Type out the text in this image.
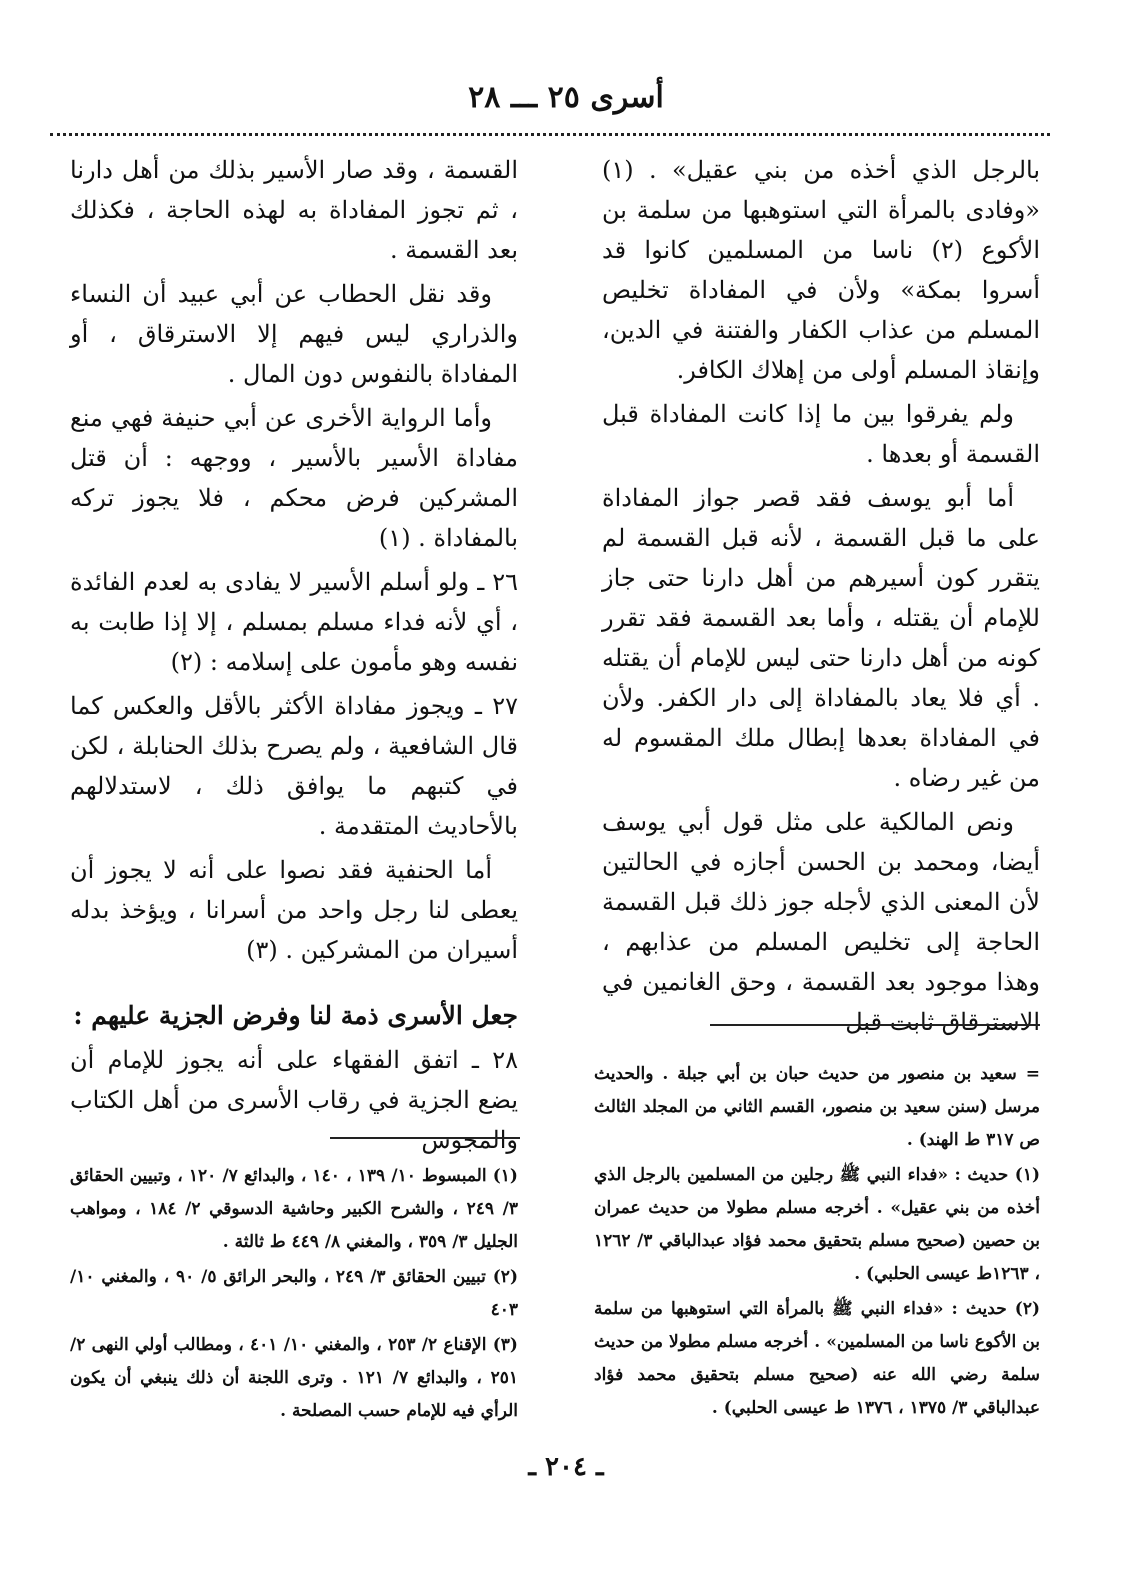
أسرى ٢٥ ـــ ٢٨

بالرجل الذي أخذه من بني عقيل» . (١) «وفادى بالمرأة التي استوهبها من سلمة بن الأكوع (٢) ناسا من المسلمين كانوا قد أسروا بمكة» ولأن في المفاداة تخليص المسلم من عذاب الكفار والفتنة في الدين، وإنقاذ المسلم أولى من إهلاك الكافر.

ولم يفرقوا بين ما إذا كانت المفاداة قبل القسمة أو بعدها .

أما أبو يوسف فقد قصر جواز المفاداة على ما قبل القسمة ، لأنه قبل القسمة لم يتقرر كون أسيرهم من أهل دارنا حتى جاز للإمام أن يقتله ، وأما بعد القسمة فقد تقرر كونه من أهل دارنا حتى ليس للإمام أن يقتله . أي فلا يعاد بالمفاداة إلى دار الكفر. ولأن في المفاداة بعدها إبطال ملك المقسوم له من غير رضاه .

ونص المالكية على مثل قول أبي يوسف أيضا، ومحمد بن الحسن أجازه في الحالتين لأن المعنى الذي لأجله جوز ذلك قبل القسمة الحاجة إلى تخليص المسلم من عذابهم ، وهذا موجود بعد القسمة ، وحق الغانمين في الاسترقاق ثابت قبل

القسمة ، وقد صار الأسير بذلك من أهل دارنا ، ثم تجوز المفاداة به لهذه الحاجة ، فكذلك بعد القسمة .

وقد نقل الحطاب عن أبي عبيد أن النساء والذراري ليس فيهم إلا الاسترقاق ، أو المفاداة بالنفوس دون المال .

وأما الرواية الأخرى عن أبي حنيفة فهي منع مفاداة الأسير بالأسير ، ووجهه : أن قتل المشركين فرض محكم ، فلا يجوز تركه بالمفاداة . (١)

٢٦ ـ ولو أسلم الأسير لا يفادى به لعدم الفائدة ، أي لأنه فداء مسلم بمسلم ، إلا إذا طابت به نفسه وهو مأمون على إسلامه : (٢)

٢٧ ـ ويجوز مفاداة الأكثر بالأقل والعكس كما قال الشافعية ، ولم يصرح بذلك الحنابلة ، لكن في كتبهم ما يوافق ذلك ، لاستدلالهم بالأحاديث المتقدمة .

أما الحنفية فقد نصوا على أنه لا يجوز أن يعطى لنا رجل واحد من أسرانا ، ويؤخذ بدله أسيران من المشركين . (٣)

جعل الأسرى ذمة لنا وفرض الجزية عليهم :

٢٨ ـ اتفق الفقهاء على أنه يجوز للإمام أن يضع الجزية في رقاب الأسرى من أهل الكتاب والمجوس

= سعيد بن منصور من حديث حبان بن أبي جبلة . والحديث مرسل (سنن سعيد بن منصور، القسم الثاني من المجلد الثالث ص ٣١٧ ط الهند) .

(١) حديث : «فداء النبي ﷺ رجلين من المسلمين بالرجل الذي أخذه من بني عقيل» . أخرجه مسلم مطولا من حديث عمران بن حصين (صحيح مسلم بتحقيق محمد فؤاد عبدالباقي ٣/ ١٢٦٢ ، ١٢٦٣ط عيسى الحلبي) .

(٢) حديث : «فداء النبي ﷺ بالمرأة التي استوهبها من سلمة بن الأكوع ناسا من المسلمين» . أخرجه مسلم مطولا من حديث سلمة رضي الله عنه (صحيح مسلم بتحقيق محمد فؤاد عبدالباقي ٣/ ١٣٧٥ ، ١٣٧٦ ط عيسى الحلبي) .

(١) المبسوط ١٠/ ١٣٩ ، ١٤٠ ، والبدائع ٧/ ١٢٠ ، وتبيين الحقائق ٣/ ٢٤٩ ، والشرح الكبير وحاشية الدسوقي ٢/ ١٨٤ ، ومواهب الجليل ٣/ ٣٥٩ ، والمغني ٨/ ٤٤٩ ط ثالثة .

(٢) تبيين الحقائق ٣/ ٢٤٩ ، والبحر الرائق ٥/ ٩٠ ، والمغني ١٠/ ٤٠٣

(٣) الإقناع ٢/ ٢٥٣ ، والمغني ١٠/ ٤٠١ ، ومطالب أولي النهى ٢/ ٢٥١ ، والبدائع ٧/ ١٢١ . وترى اللجنة أن ذلك ينبغي أن يكون الرأي فيه للإمام حسب المصلحة .

ـ ٢٠٤ ـ
